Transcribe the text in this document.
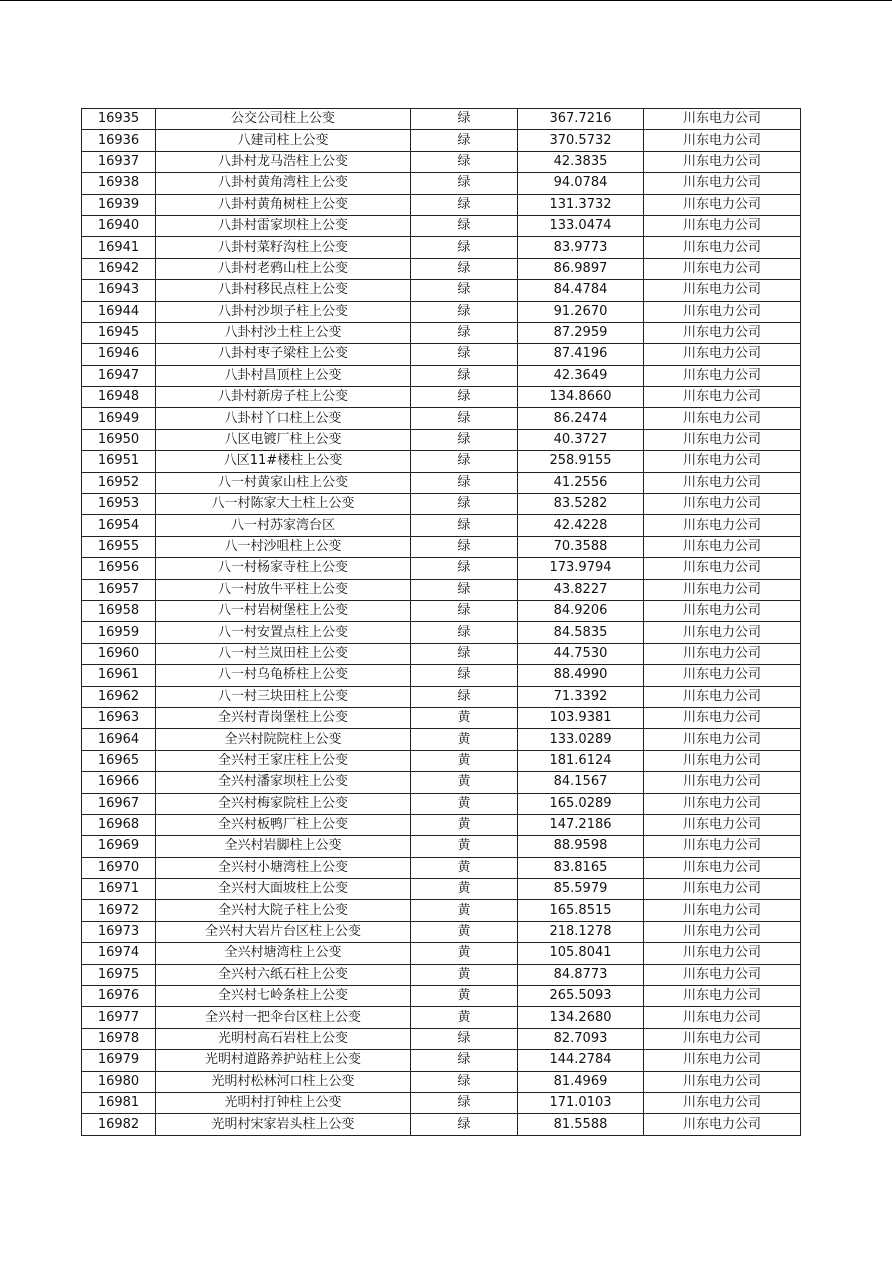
16935	公交公司柱上公变	绿	367.7216	川东电力公司
16936	八建司柱上公变	绿	370.5732	川东电力公司
16937	八卦村龙马浩柱上公变	绿	42.3835	川东电力公司
16938	八卦村黄角湾柱上公变	绿	94.0784	川东电力公司
16939	八卦村黄角树柱上公变	绿	131.3732	川东电力公司
16940	八卦村雷家坝柱上公变	绿	133.0474	川东电力公司
16941	八卦村菜籽沟柱上公变	绿	83.9773	川东电力公司
16942	八卦村老鸦山柱上公变	绿	86.9897	川东电力公司
16943	八卦村移民点柱上公变	绿	84.4784	川东电力公司
16944	八卦村沙坝子柱上公变	绿	91.2670	川东电力公司
16945	八卦村沙土柱上公变	绿	87.2959	川东电力公司
16946	八卦村枣子梁柱上公变	绿	87.4196	川东电力公司
16947	八卦村昌顶柱上公变	绿	42.3649	川东电力公司
16948	八卦村新房子柱上公变	绿	134.8660	川东电力公司
16949	八卦村丫口柱上公变	绿	86.2474	川东电力公司
16950	八区电镀厂柱上公变	绿	40.3727	川东电力公司
16951	八区11#楼柱上公变	绿	258.9155	川东电力公司
16952	八一村黄家山柱上公变	绿	41.2556	川东电力公司
16953	八一村陈家大土柱上公变	绿	83.5282	川东电力公司
16954	八一村苏家湾台区	绿	42.4228	川东电力公司
16955	八一村沙咀柱上公变	绿	70.3588	川东电力公司
16956	八一村杨家寺柱上公变	绿	173.9794	川东电力公司
16957	八一村放牛平柱上公变	绿	43.8227	川东电力公司
16958	八一村岩树堡柱上公变	绿	84.9206	川东电力公司
16959	八一村安置点柱上公变	绿	84.5835	川东电力公司
16960	八一村兰岚田柱上公变	绿	44.7530	川东电力公司
16961	八一村乌龟桥柱上公变	绿	88.4990	川东电力公司
16962	八一村三块田柱上公变	绿	71.3392	川东电力公司
16963	全兴村青岗堡柱上公变	黄	103.9381	川东电力公司
16964	全兴村院院柱上公变	黄	133.0289	川东电力公司
16965	全兴村王家庄柱上公变	黄	181.6124	川东电力公司
16966	全兴村潘家坝柱上公变	黄	84.1567	川东电力公司
16967	全兴村梅家院柱上公变	黄	165.0289	川东电力公司
16968	全兴村板鸭厂柱上公变	黄	147.2186	川东电力公司
16969	全兴村岩脚柱上公变	黄	88.9598	川东电力公司
16970	全兴村小塘湾柱上公变	黄	83.8165	川东电力公司
16971	全兴村大面坡柱上公变	黄	85.5979	川东电力公司
16972	全兴村大院子柱上公变	黄	165.8515	川东电力公司
16973	全兴村大岩片台区柱上公变	黄	218.1278	川东电力公司
16974	全兴村塘湾柱上公变	黄	105.8041	川东电力公司
16975	全兴村六纸石柱上公变	黄	84.8773	川东电力公司
16976	全兴村七岭条柱上公变	黄	265.5093	川东电力公司
16977	全兴村一把伞台区柱上公变	黄	134.2680	川东电力公司
16978	光明村高石岩柱上公变	绿	82.7093	川东电力公司
16979	光明村道路养护站柱上公变	绿	144.2784	川东电力公司
16980	光明村松林河口柱上公变	绿	81.4969	川东电力公司
16981	光明村打钟柱上公变	绿	171.0103	川东电力公司
16982	光明村宋家岩头柱上公变	绿	81.5588	川东电力公司
